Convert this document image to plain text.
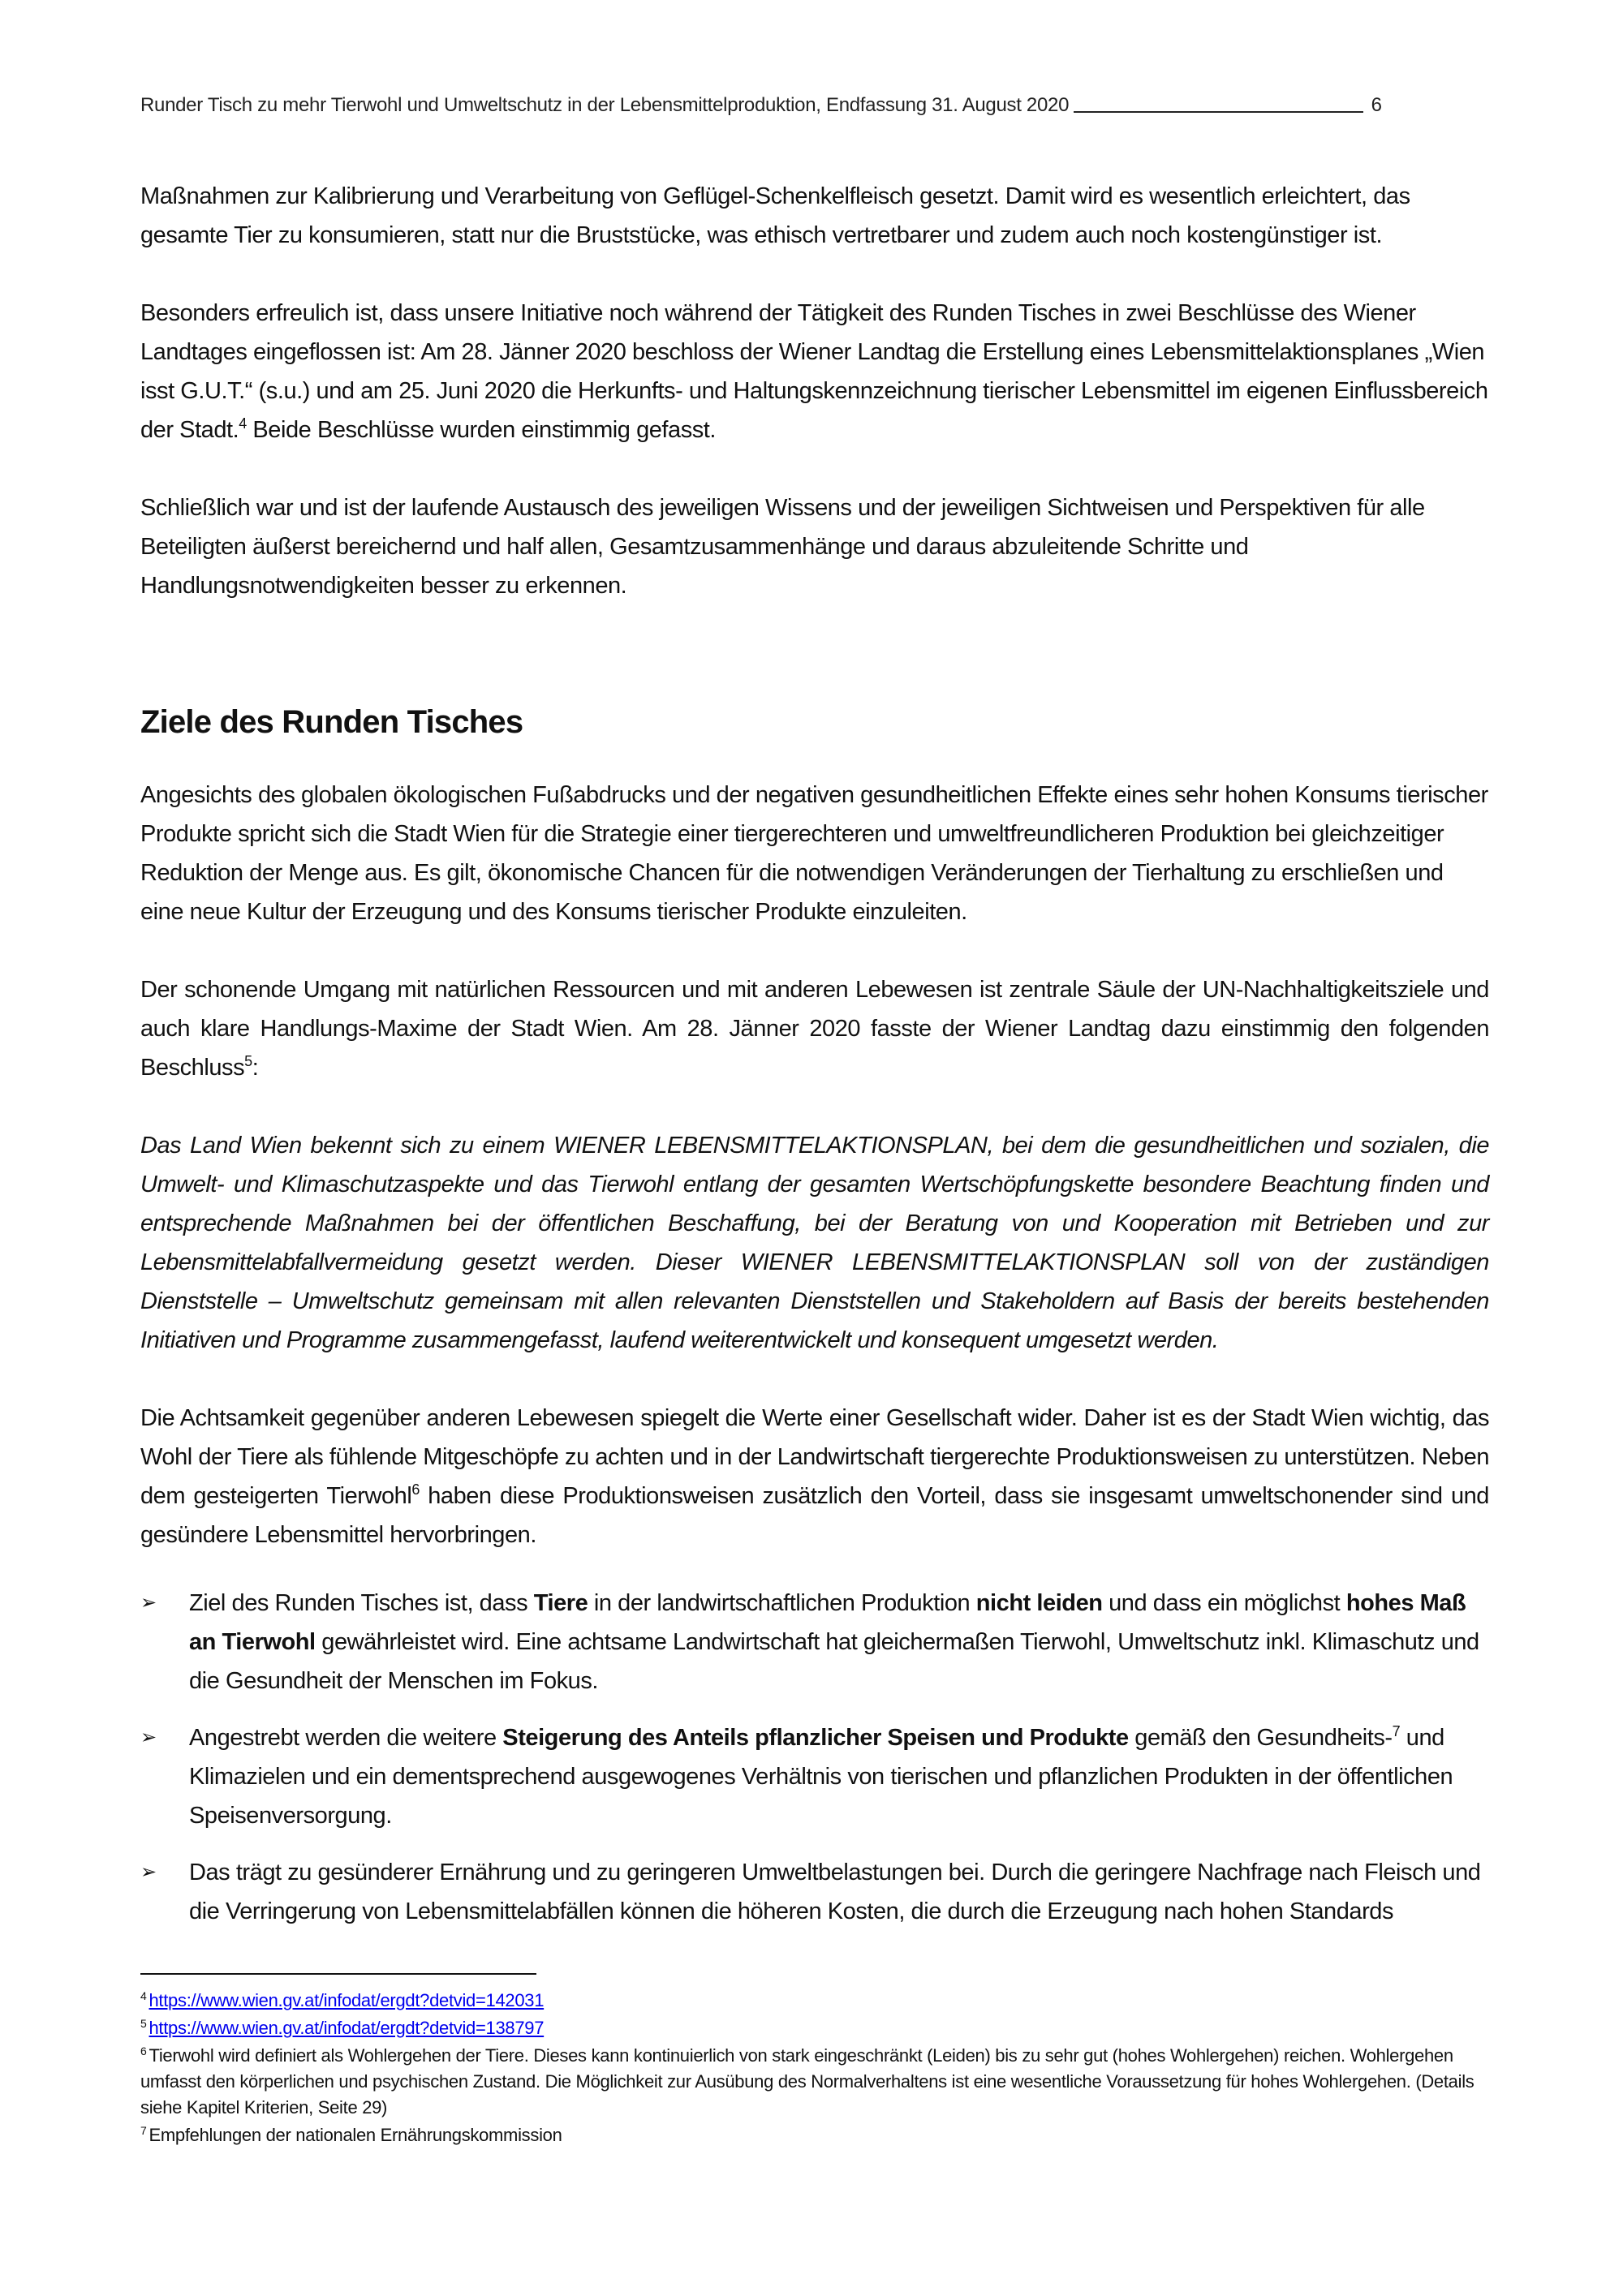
Runder Tisch zu mehr Tierwohl und Umweltschutz in der Lebensmittelproduktion, Endfassung 31. August 2020	6

Maßnahmen zur Kalibrierung und Verarbeitung von Geflügel-Schenkelfleisch gesetzt. Damit wird es wesentlich erleichtert, das gesamte Tier zu konsumieren, statt nur die Bruststücke, was ethisch vertretbarer und zudem auch noch kostengünstiger ist.

Besonders erfreulich ist, dass unsere Initiative noch während der Tätigkeit des Runden Tisches in zwei Beschlüsse des Wiener Landtages eingeflossen ist: Am 28. Jänner 2020 beschloss der Wiener Landtag die Erstellung eines Lebensmittelaktionsplanes „Wien isst G.U.T.“ (s.u.) und am 25. Juni 2020 die Herkunfts- und Haltungskennzeichnung tierischer Lebensmittel im eigenen Einflussbereich der Stadt.$^4$ Beide Beschlüsse wurden einstimmig gefasst.

Schließlich war und ist der laufende Austausch des jeweiligen Wissens und der jeweiligen Sichtweisen und Perspektiven für alle Beteiligten äußerst bereichernd und half allen, Gesamtzusammenhänge und daraus abzuleitende Schritte und Handlungsnotwendigkeiten besser zu erkennen.

Ziele des Runden Tisches

Angesichts des globalen ökologischen Fußabdrucks und der negativen gesundheitlichen Effekte eines sehr hohen Konsums tierischer Produkte spricht sich die Stadt Wien für die Strategie einer tiergerechteren und umweltfreundlicheren Produktion bei gleichzeitiger Reduktion der Menge aus. Es gilt, ökonomische Chancen für die notwendigen Veränderungen der Tierhaltung zu erschließen und eine neue Kultur der Erzeugung und des Konsums tierischer Produkte einzuleiten.

Der schonende Umgang mit natürlichen Ressourcen und mit anderen Lebewesen ist zentrale Säule der UN-Nachhaltigkeitsziele und auch klare Handlungs-Maxime der Stadt Wien. Am 28. Jänner 2020 fasste der Wiener Landtag dazu einstimmig den folgenden Beschluss$^5$:

Das Land Wien bekennt sich zu einem WIENER LEBENSMITTELAKTIONSPLAN, bei dem die gesundheitlichen und sozialen, die Umwelt- und Klimaschutzaspekte und das Tierwohl entlang der gesamten Wertschöpfungskette besondere Beachtung finden und entsprechende Maßnahmen bei der öffentlichen Beschaffung, bei der Beratung von und Kooperation mit Betrieben und zur Lebensmittelabfallvermeidung gesetzt werden. Dieser WIENER LEBENSMITTELAKTIONSPLAN soll von der zuständigen Dienststelle – Umweltschutz gemeinsam mit allen relevanten Dienststellen und Stakeholdern auf Basis der bereits bestehenden Initiativen und Programme zusammengefasst, laufend weiterentwickelt und konsequent umgesetzt werden.

Die Achtsamkeit gegenüber anderen Lebewesen spiegelt die Werte einer Gesellschaft wider. Daher ist es der Stadt Wien wichtig, das Wohl der Tiere als fühlende Mitgeschöpfe zu achten und in der Landwirtschaft tiergerechte Produktionsweisen zu unterstützen. Neben dem gesteigerten Tierwohl$^6$ haben diese Produktionsweisen zusätzlich den Vorteil, dass sie insgesamt umweltschonender sind und gesündere Lebensmittel hervorbringen.

➢ Ziel des Runden Tisches ist, dass Tiere in der landwirtschaftlichen Produktion nicht leiden und dass ein möglichst hohes Maß an Tierwohl gewährleistet wird. Eine achtsame Landwirtschaft hat gleichermaßen Tierwohl, Umweltschutz inkl. Klimaschutz und die Gesundheit der Menschen im Fokus.
➢ Angestrebt werden die weitere Steigerung des Anteils pflanzlicher Speisen und Produkte gemäß den Gesundheits-$^7$ und Klimazielen und ein dementsprechend ausgewogenes Verhältnis von tierischen und pflanzlichen Produkten in der öffentlichen Speisenversorgung.
➢ Das trägt zu gesünderer Ernährung und zu geringeren Umweltbelastungen bei. Durch die geringere Nachfrage nach Fleisch und die Verringerung von Lebensmittelabfällen können die höheren Kosten, die durch die Erzeugung nach hohen Standards
$^4$ https://www.wien.gv.at/infodat/ergdt?detvid=142031
$^5$ https://www.wien.gv.at/infodat/ergdt?detvid=138797
$^6$ Tierwohl wird definiert als Wohlergehen der Tiere. Dieses kann kontinuierlich von stark eingeschränkt (Leiden) bis zu sehr gut (hohes Wohlergehen) reichen. Wohlergehen umfasst den körperlichen und psychischen Zustand. Die Möglichkeit zur Ausübung des Normalverhaltens ist eine wesentliche Voraussetzung für hohes Wohlergehen. (Details siehe Kapitel Kriterien, Seite 29)
$^7$ Empfehlungen der nationalen Ernährungskommission
